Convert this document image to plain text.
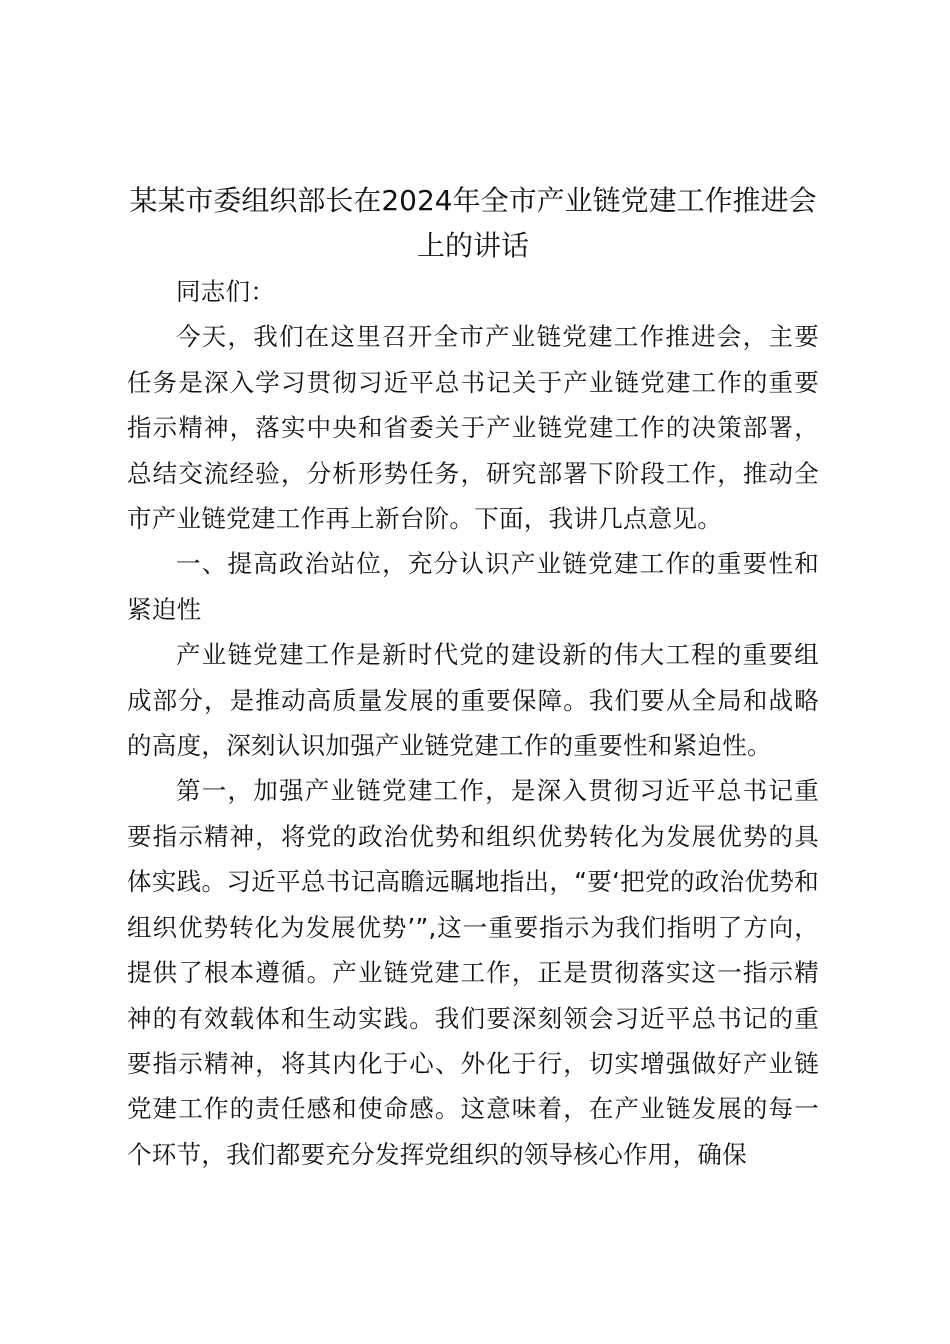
某某市委组织部长在2024年全市产业链党建工作推进会上的讲话

同志们：

今天，我们在这里召开全市产业链党建工作推进会，主要任务是深入学习贯彻习近平总书记关于产业链党建工作的重要指示精神，落实中央和省委关于产业链党建工作的决策部署，总结交流经验，分析形势任务，研究部署下阶段工作，推动全市产业链党建工作再上新台阶。下面，我讲几点意见。

一、提高政治站位，充分认识产业链党建工作的重要性和紧迫性

产业链党建工作是新时代党的建设新的伟大工程的重要组成部分，是推动高质量发展的重要保障。我们要从全局和战略的高度，深刻认识加强产业链党建工作的重要性和紧迫性。

第一，加强产业链党建工作，是深入贯彻习近平总书记重要指示精神，将党的政治优势和组织优势转化为发展优势的具体实践。习近平总书记高瞻远瞩地指出，“要‘把党的政治优势和组织优势转化为发展优势’”,这一重要指示为我们指明了方向，提供了根本遵循。产业链党建工作，正是贯彻落实这一指示精神的有效载体和生动实践。我们要深刻领会习近平总书记的重要指示精神，将其内化于心、外化于行，切实增强做好产业链党建工作的责任感和使命感。这意味着，在产业链发展的每一个环节，我们都要充分发挥党组织的领导核心作用，确保
